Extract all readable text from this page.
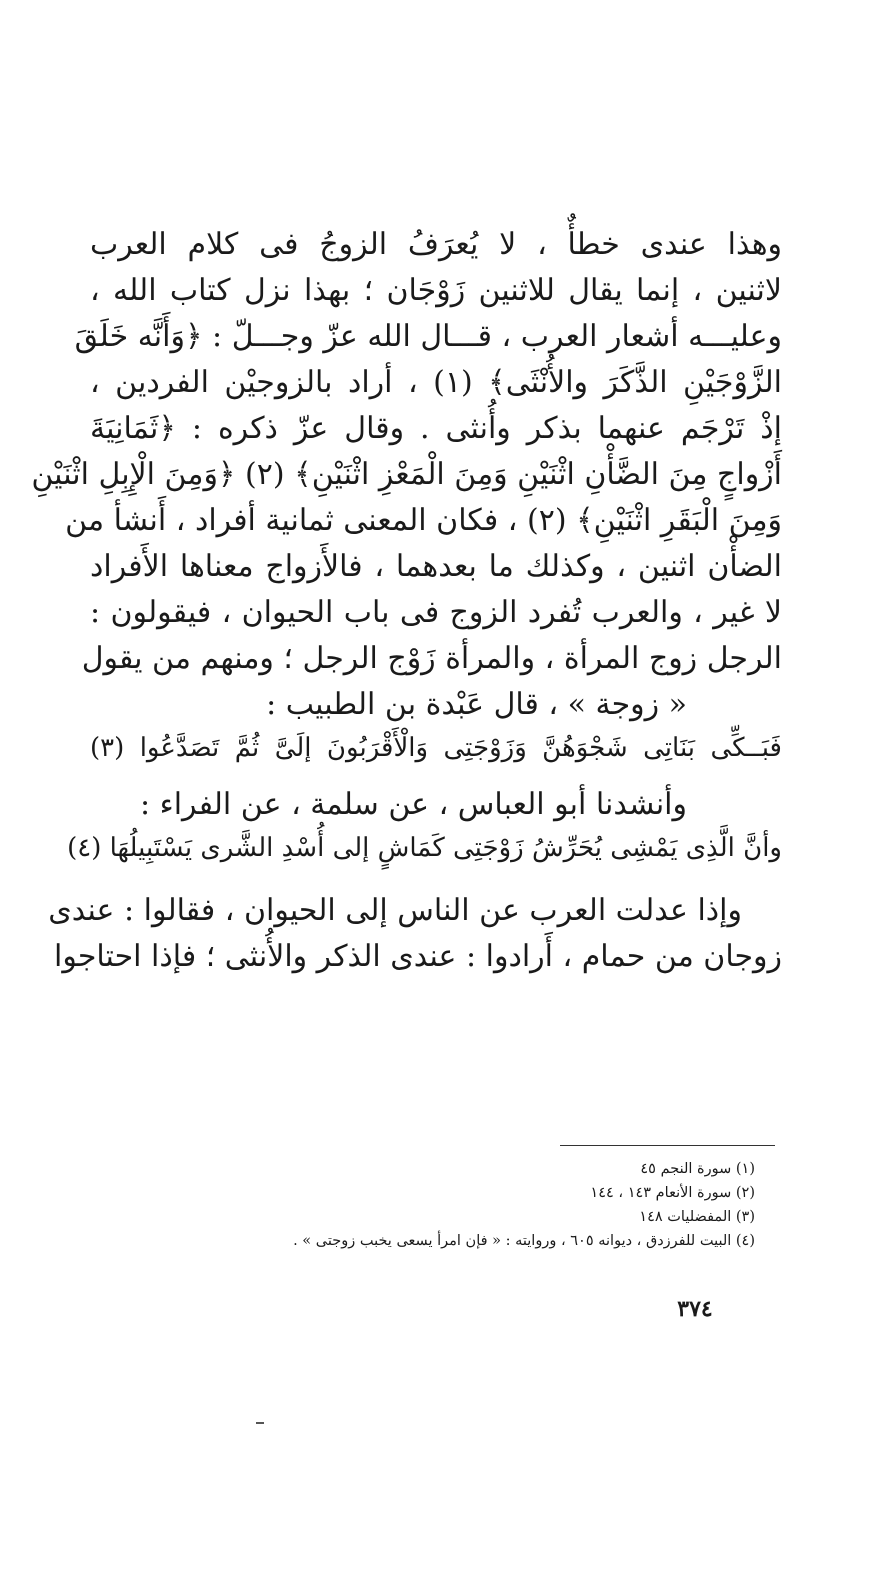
وهذا عندى خطأٌ ، لا يُعرَفُ الزوجُ فى كلام العرب
لاثنين ، إنما يقال للاثنين زَوْجَان ؛ بهذا نزل كتاب الله ،
وعليـــه أشعار العرب ، قـــال الله عزّ وجـــلّ : ﴿وَأَنَّه خَلَقَ
الزَّوْجَيْنِ الذَّكَرَ والأُنْثَى﴾ (١) ، أراد بالزوجيْن الفردين ،
إذْ تَرْجَم عنهما بذكر وأُنثى . وقال عزّ ذكره : ﴿ثَمَانِيَةَ
أَزْواجٍ مِنَ الضَّأْنِ اثْنَيْنِ وَمِنَ الْمَعْزِ اثْنَيْنِ﴾ (٢) ﴿وَمِنَ الْإِبِلِ اثْنَيْنِ
وَمِنَ الْبَقَرِ اثْنَيْنِ﴾ (٢) ، فكان المعنى ثمانية أفراد ، أَنشأ من
الضأْن اثنين ، وكذلك ما بعدهما ، فالأَزواج معناها الأَفراد
لا غير ، والعرب تُفرد الزوج فى باب الحيوان ، فيقولون :
الرجل زوج المرأة ، والمرأة زَوْج الرجل ؛ ومنهم من يقول
« زوجة » ، قال عَبْدة بن الطبيب :
فَبَــكِّى بَنَاتِى شَجْوَهُنَّ وَزَوْجَتِى وَالْأَقْرَبُونَ إلَىَّ ثُمَّ تَصَدَّعُوا (٣)
وأنشدنا أبو العباس ، عن سلمة ، عن الفراء :
وأنَّ الَّذِى يَمْشِى يُحَرِّشُ زَوْجَتِى كَمَاشٍ إلى أُسْدِ الشَّرى يَسْتَبِيلُهَا (٤)
وإذا عدلت العرب عن الناس إلى الحيوان ، فقالوا : عندى
زوجان من حمام ، أَرادوا : عندى الذكر والأُنثى ؛ فإذا احتاجوا
(١) سورة النجم ٤٥
(٢) سورة الأنعام ١٤٣ ، ١٤٤
(٣) المفضليات ١٤٨
(٤) البيت للفرزدق ، ديوانه ٦٠٥ ، وروايته : « فإن امرأ يسعى يخبب زوجتى » .
٣٧٤
